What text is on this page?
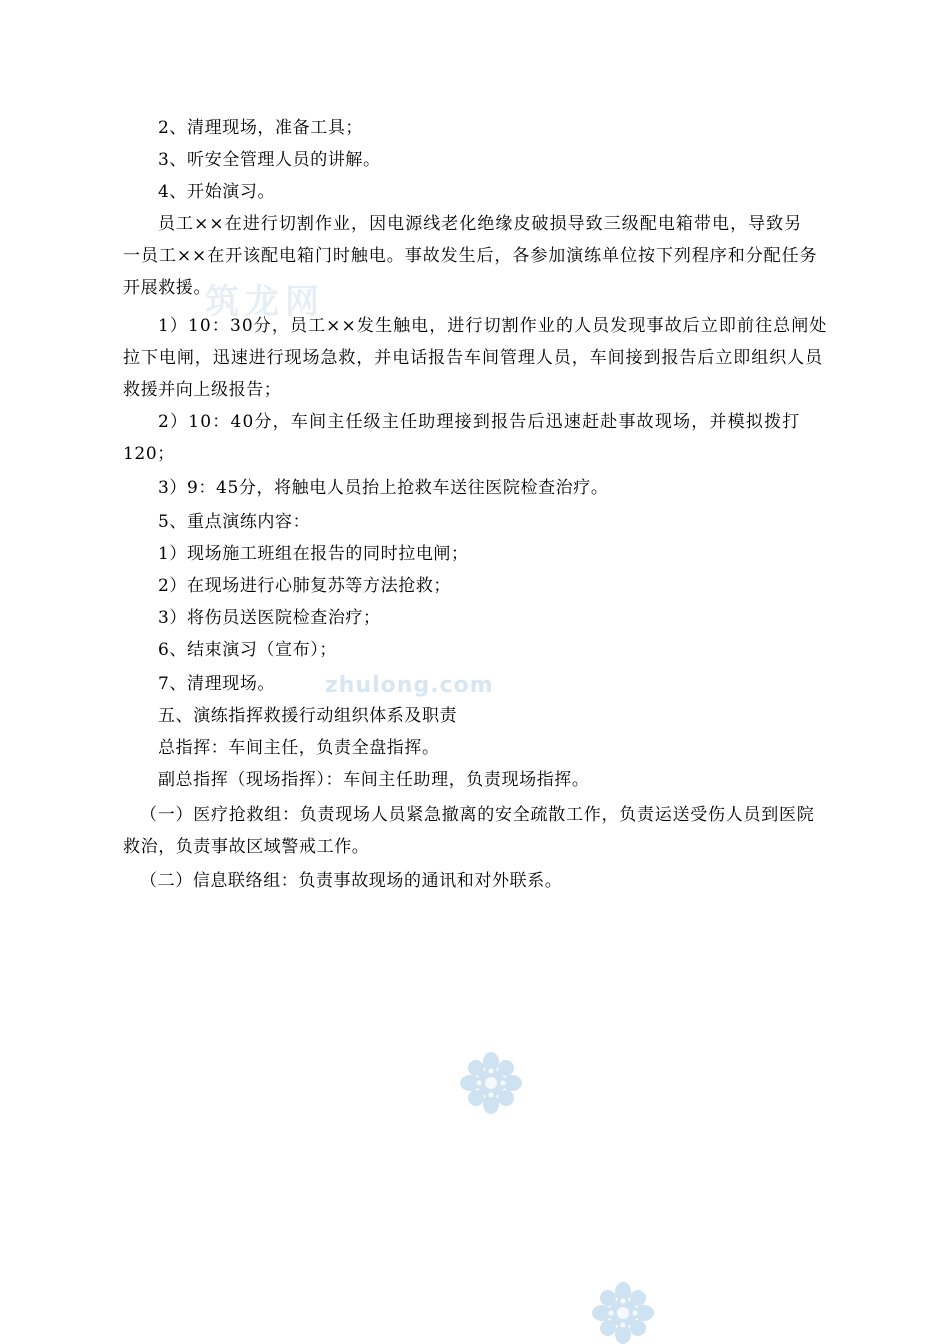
筑龙网
zhulong.com
2、清理现场，准备工具；
3、听安全管理人员的讲解。
4、开始演习。
员工××在进行切割作业，因电源线老化绝缘皮破损导致三级配电箱带电，导致另
一员工××在开该配电箱门时触电。事故发生后，各参加演练单位按下列程序和分配任务
开展救援。
1）10：30分，员工××发生触电，进行切割作业的人员发现事故后立即前往总闸处
拉下电闸，迅速进行现场急救，并电话报告车间管理人员，车间接到报告后立即组织人员
救援并向上级报告；
2）10：40分，车间主任级主任助理接到报告后迅速赶赴事故现场，并模拟拨打
120；
3）9：45分，将触电人员抬上抢救车送往医院检查治疗。
5、重点演练内容：
1）现场施工班组在报告的同时拉电闸；
2）在现场进行心肺复苏等方法抢救；
3）将伤员送医院检查治疗；
6、结束演习（宣布）；
7、清理现场。
五、演练指挥救援行动组织体系及职责
总指挥：车间主任，负责全盘指挥。
副总指挥（现场指挥）：车间主任助理，负责现场指挥。
（一）医疗抢救组：负责现场人员紧急撤离的安全疏散工作，负责运送受伤人员到医院
救治，负责事故区域警戒工作。
（二）信息联络组：负责事故现场的通讯和对外联系。
